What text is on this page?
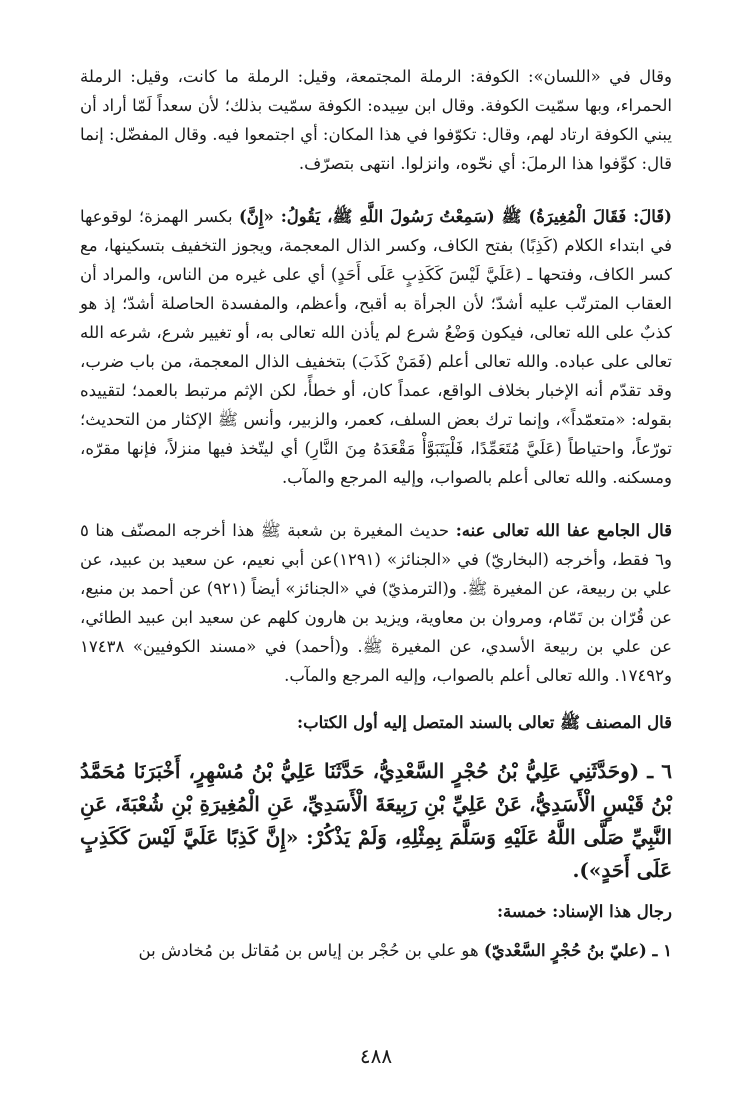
وقال في «اللسان»: الكوفة: الرملة المجتمعة، وقيل: الرملة ما كانت، وقيل: الرملة الحمراء، وبها سمّيت الكوفة. وقال ابن سِيده: الكوفة سمّيت بذلك؛ لأن سعداً لَمّا أراد أن يبني الكوفة ارتاد لهم، وقال: تكوّفوا في هذا المكان: أي اجتمعوا فيه. وقال المفضّل: إنما قال: كوِّفوا هذا الرملَ: أي نحّوه، وانزلوا. انتهى بتصرّف.
(قَالَ: فَقَالَ الْمُغِيرَةُ) ﷺ (سَمِعْتُ رَسُولَ اللَّهِ ﷺ، يَقُولُ: «إِنَّ) بكسر الهمزة؛ لوقوعها في ابتداء الكلام (كَذِبًا) بفتح الكاف، وكسر الذال المعجمة، ويجوز التخفيف بتسكينها، مع كسر الكاف، وفتحها ـ (عَلَيَّ لَيْسَ كَكَذِبٍ عَلَى أَحَدٍ) أي على غيره من الناس، والمراد أن العقاب المترتّب عليه أشدّ؛ لأن الجرأة به أقبح، وأعظم، والمفسدة الحاصلة أشدّ؛ إذ هو كذبٌ على الله تعالى، فيكون وَضْعُ شرع لم يأذن الله تعالى به، أو تغيير شرع، شرعه الله تعالى على عباده. والله تعالى أعلم (فَمَنْ كَذَبَ) بتخفيف الذال المعجمة، من باب ضرب، وقد تقدّم أنه الإخبار بخلاف الواقع، عمداً كان، أو خطأً، لكن الإثم مرتبط بالعمد؛ لتقييده بقوله: «متعمّداً»، وإنما ترك بعض السلف، كعمر، والزبير، وأنس ﷺ الإكثار من التحديث؛ تورّعاً، واحتياطاً (عَلَيَّ مُتَعَمِّدًا، فَلْيَتَبَوَّأْ مَقْعَدَهُ مِنَ النَّارِ) أي ليتّخذ فيها منزلاً، فإنها مقرّه، ومسكنه. والله تعالى أعلم بالصواب، وإليه المرجع والمآب.
قال الجامع عفا الله تعالى عنه: حديث المغيرة بن شعبة ﷺ هذا أخرجه المصنّف هنا ٥ و٦ فقط، وأخرجه (البخاريّ) في «الجنائز» (١٢٩١)عن أبي نعيم، عن سعيد بن عبيد، عن علي بن ربيعة، عن المغيرة ﷺ. و(الترمذيّ) في «الجنائز» أيضاً (٩٢١) عن أحمد بن منيع، عن قُرّان بن تَمّام، ومروان بن معاوية، ويزيد بن هارون كلهم عن سعيد ابن عبيد الطائي، عن علي بن ربيعة الأسدي، عن المغيرة ﷺ. و(أحمد) في «مسند الكوفيين» ١٧٤٣٨ و١٧٤٩٢. والله تعالى أعلم بالصواب، وإليه المرجع والمآب.

قال المصنف ﷺ تعالى بالسند المتصل إليه أول الكتاب:

٦ ـ (وحَدَّثَنِي عَلِيُّ بْنُ حُجْرٍ السَّعْدِيُّ، حَدَّثَنَا عَلِيُّ بْنُ مُسْهِرٍ، أَخْبَرَنَا مُحَمَّدُ بْنُ قَيْسٍ الْأَسَدِيُّ، عَنْ عَلِيِّ بْنِ رَبِيعَةَ الْأَسَدِيِّ، عَنِ الْمُغِيرَةِ بْنِ شُعْبَةَ، عَنِ النَّبِيِّ صَلَّى اللَّهُ عَلَيْهِ وَسَلَّمَ بِمِثْلِهِ، وَلَمْ يَذْكُرْ: «إِنَّ كَذِبًا عَلَيَّ لَيْسَ كَكَذِبٍ عَلَى أَحَدٍ»).

رجال هذا الإسناد: خمسة:

١ ـ (عليّ بنُ حُجْرٍ السَّعْديّ) هو علي بن حُجْر بن إياس بن مُقاتل بن مُخادش بن
٤٨٨
